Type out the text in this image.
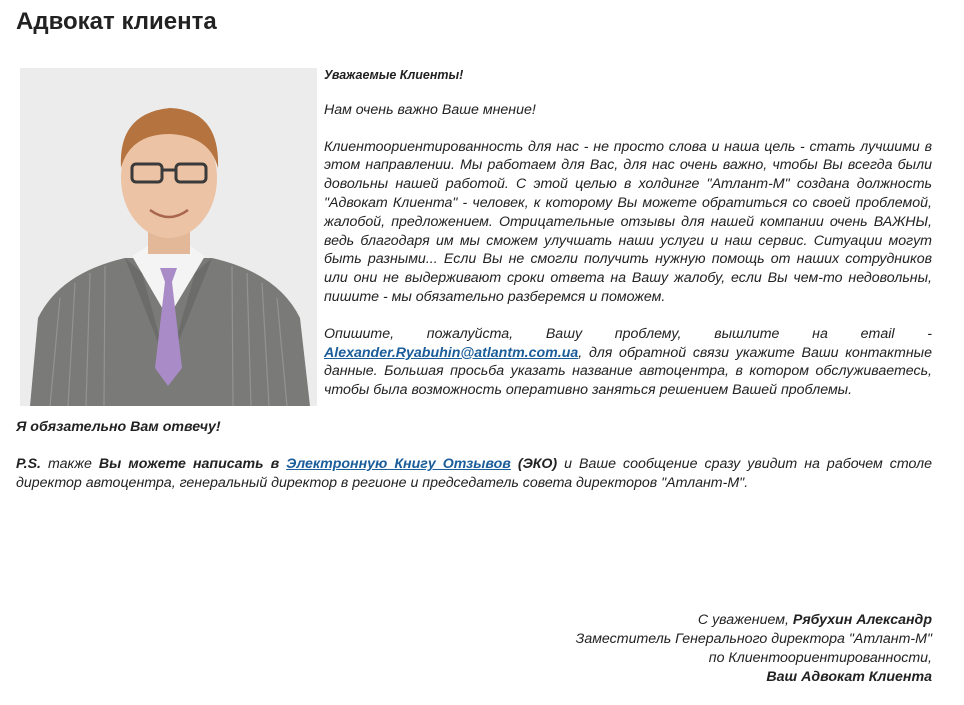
Адвокат клиента

Уважаемые Клиенты!

Нам очень важно Ваше мнение!

Клиентоориентированность для нас - не просто слова и наша цель - стать лучшими в этом направлении. Мы работаем для Вас, для нас очень важно, чтобы Вы всегда были довольны нашей работой. С этой целью в холдинге "Атлант-М" создана должность "Адвокат Клиента" - человек, к которому Вы можете обратиться со своей проблемой, жалобой, предложением. Отрицательные отзывы для нашей компании очень ВАЖНЫ, ведь благодаря им мы сможем улучшать наши услуги и наш сервис. Ситуации могут быть разными... Если Вы не смогли получить нужную помощь от наших сотрудников или они не выдерживают сроки ответа на Вашу жалобу, если Вы чем-то недовольны, пишите - мы обязательно разберемся и поможем.

Опишите, пожалуйста, Вашу проблему, вышлите на email - Alexander.Ryabuhin@atlantm.com.ua, для обратной связи укажите Ваши контактные данные. Большая просьба указать название автоцентра, в котором обслуживаетесь, чтобы была возможность оперативно заняться решением Вашей проблемы.

Я обязательно Вам отвечу!

P.S. также Вы можете написать в Электронную Книгу Отзывов (ЭКО) и Ваше сообщение сразу увидит на рабочем столе директор автоцентра, генеральный директор в регионе и председатель совета директоров "Атлант-М".

С уважением, Рябухин Александр
Заместитель Генерального директора "Атлант-М"
по Клиентоориентированности,
Ваш Адвокат Клиента
